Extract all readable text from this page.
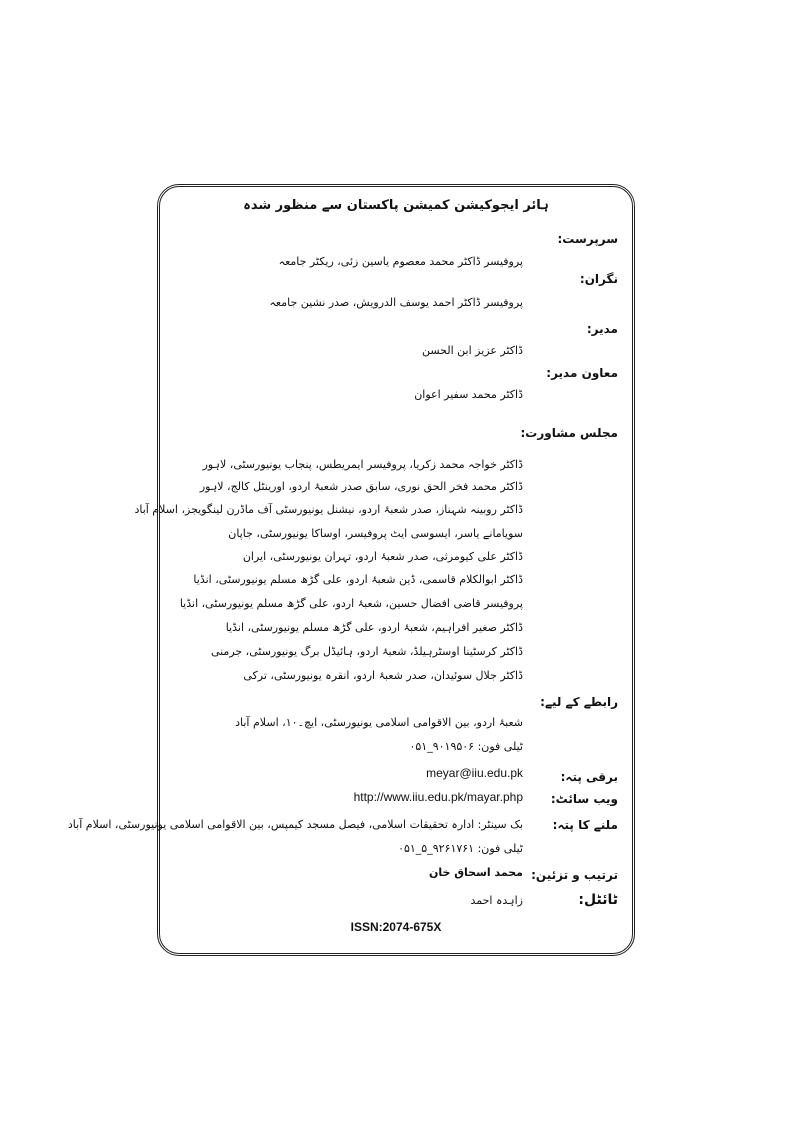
ہائر ایجوکیشن کمیشن پاکستان سے منظور شدہ
سرپرست:
پروفیسر ڈاکٹر محمد معصوم یاسین زئی، ریکٹر جامعہ
نگران:
پروفیسر ڈاکٹر احمد یوسف الدرویش، صدر نشین جامعہ
مدیر:
ڈاکٹر عزیز ابن الحسن
معاون مدیر:
ڈاکٹر محمد سفیر اعوان
مجلس مشاورت:
ڈاکٹر خواجہ محمد زکریا، پروفیسر ایمریطس، پنجاب یونیورسٹی، لاہور
ڈاکٹر محمد فخر الحق نوری، سابق صدر شعبۂ اردو، اورینٹل کالج، لاہور
ڈاکٹر روبینہ شہناز، صدر شعبۂ اردو، نیشنل یونیورسٹی آف ماڈرن لینگویجز، اسلام آباد
سویامانے یاسر، ایسوسی ایٹ پروفیسر، اوساکا یونیورسٹی، جاپان
ڈاکٹر علی کیومرثی، صدر شعبۂ اردو، تہران یونیورسٹی، ایران
ڈاکٹر ابوالکلام قاسمی، ڈین شعبۂ اردو، علی گڑھ مسلم یونیورسٹی، انڈیا
پروفیسر قاضی افضال حسین، شعبۂ اردو، علی گڑھ مسلم یونیورسٹی، انڈیا
ڈاکٹر صغیر افراہیم، شعبۂ اردو، علی گڑھ مسلم یونیورسٹی، انڈیا
ڈاکٹر کرسٹینا اوسٹرہیلڈ، شعبۂ اردو، ہائیڈل برگ یونیورسٹی، جرمنی
ڈاکٹر جلال سوئیدان، صدر شعبۂ اردو، انقرہ یونیورسٹی، ترکی
رابطے کے لیے:
شعبۂ اردو، بین الاقوامی اسلامی یونیورسٹی، ایچ۔۱۰، اسلام آباد
ٹیلی فون: ۹۰۱۹۵۰۶_۰۵۱
برقی پتہ:
meyar@iiu.edu.pk
ویب سائٹ:
http://www.iiu.edu.pk/mayar.php
ملنے کا پتہ:
بک سینٹر: ادارہ تحقیقات اسلامی، فیصل مسجد کیمپس، بین الاقوامی اسلامی یونیورسٹی، اسلام آباد
ٹیلی فون: ۹۲۶۱۷۶۱_۵_۰۵۱
ترتیب و تزئین:
محمد اسحاق خان
ٹائٹل:
زاہدہ احمد
ISSN:2074-675X
